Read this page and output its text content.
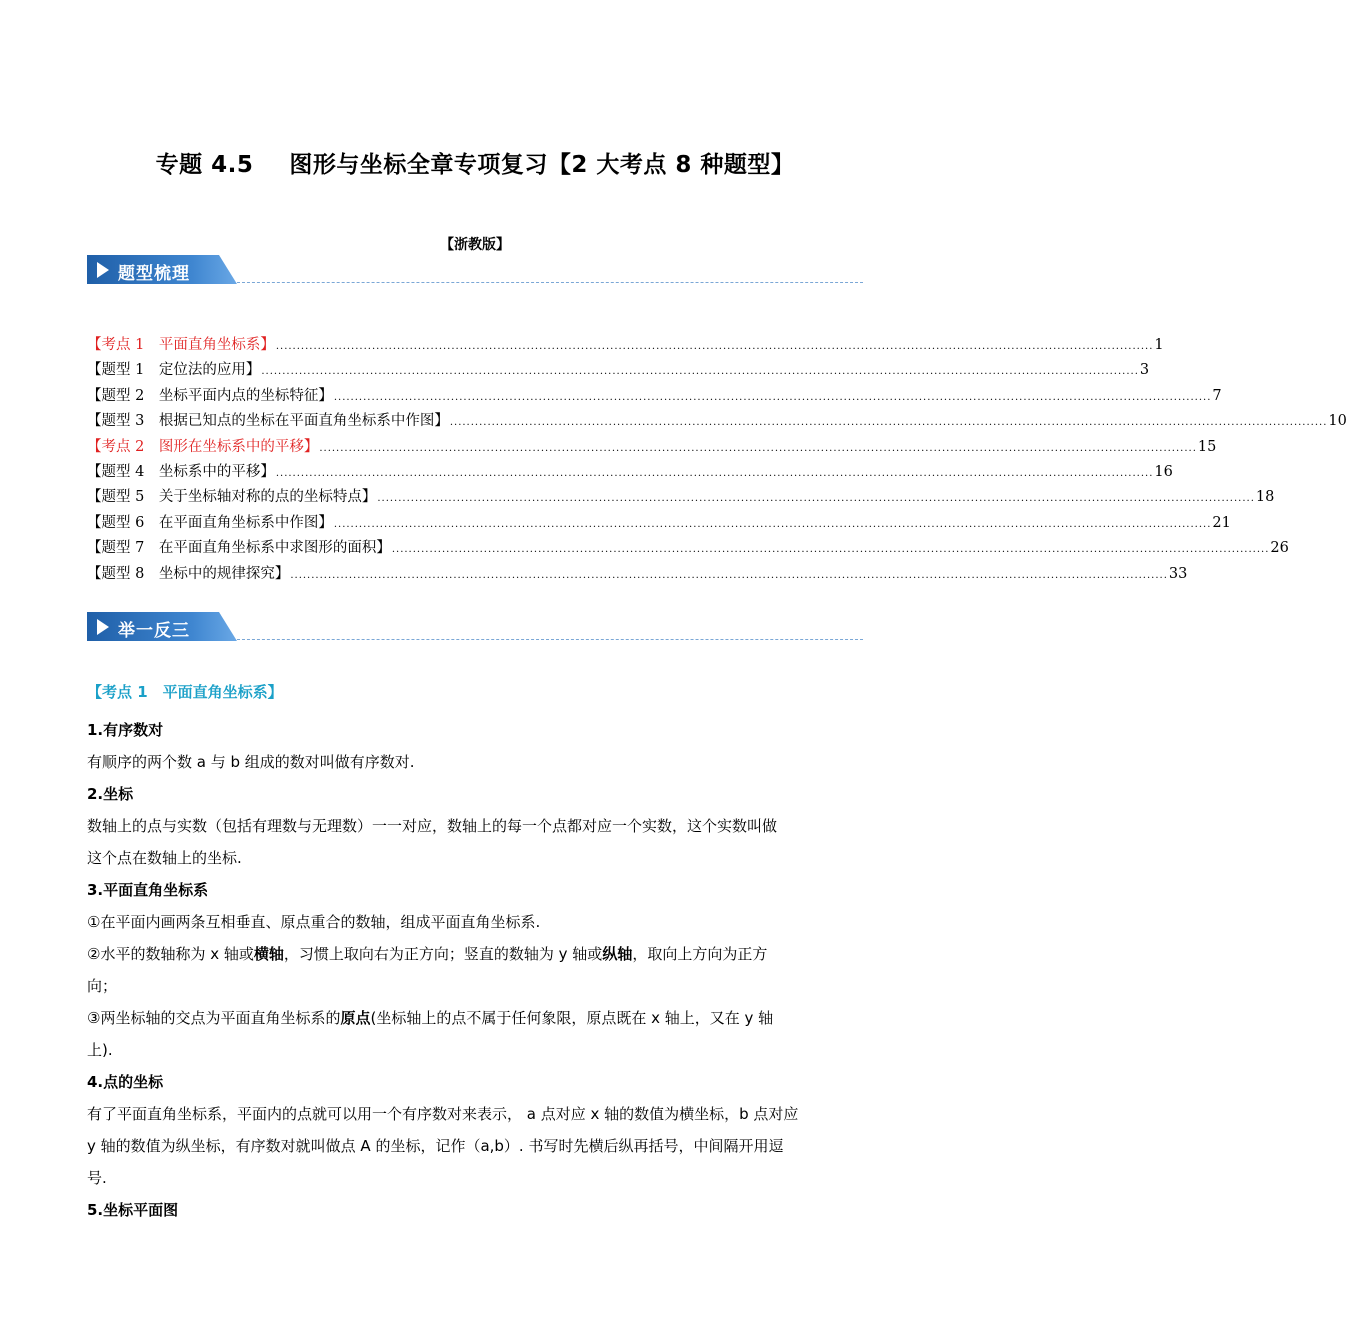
专题 4.5 图形与坐标全章专项复习【2 大考点 8 种题型】
【浙教版】
题型梳理
【考点 1　平面直角坐标系】 .................................................................................................................................................................................................................. 1
【题型 1　定位法的应用】 .................................................................................................................................................................................................................. 3
【题型 2　坐标平面内点的坐标特征】 .................................................................................................................................................................................................................. 7
【题型 3　根据已知点的坐标在平面直角坐标系中作图】 .................................................................................................................................................................................................................. 10
【考点 2　图形在坐标系中的平移】 .................................................................................................................................................................................................................. 15
【题型 4　坐标系中的平移】 .................................................................................................................................................................................................................. 16
【题型 5　关于坐标轴对称的点的坐标特点】 .................................................................................................................................................................................................................. 18
【题型 6　在平面直角坐标系中作图】 .................................................................................................................................................................................................................. 21
【题型 7　在平面直角坐标系中求图形的面积】 .................................................................................................................................................................................................................. 26
【题型 8　坐标中的规律探究】 .................................................................................................................................................................................................................. 33
举一反三
【考点 1　平面直角坐标系】
1.有序数对

有顺序的两个数 a 与 b 组成的数对叫做有序数对.

2.坐标

数轴上的点与实数（包括有理数与无理数）一一对应，数轴上的每一个点都对应一个实数，这个实数叫做

这个点在数轴上的坐标.

3.平面直角坐标系

①在平面内画两条互相垂直、原点重合的数轴，组成平面直角坐标系.

②水平的数轴称为 x 轴或横轴，习惯上取向右为正方向；竖直的数轴为 y 轴或纵轴，取向上方向为正方

向；

③两坐标轴的交点为平面直角坐标系的原点(坐标轴上的点不属于任何象限，原点既在 x 轴上，又在 y 轴

上).

4.点的坐标

有了平面直角坐标系，平面内的点就可以用一个有序数对来表示， a 点对应 x 轴的数值为横坐标，b 点对应

y 轴的数值为纵坐标，有序数对就叫做点 A 的坐标，记作（a,b）. 书写时先横后纵再括号，中间隔开用逗

号.

5.坐标平面图
